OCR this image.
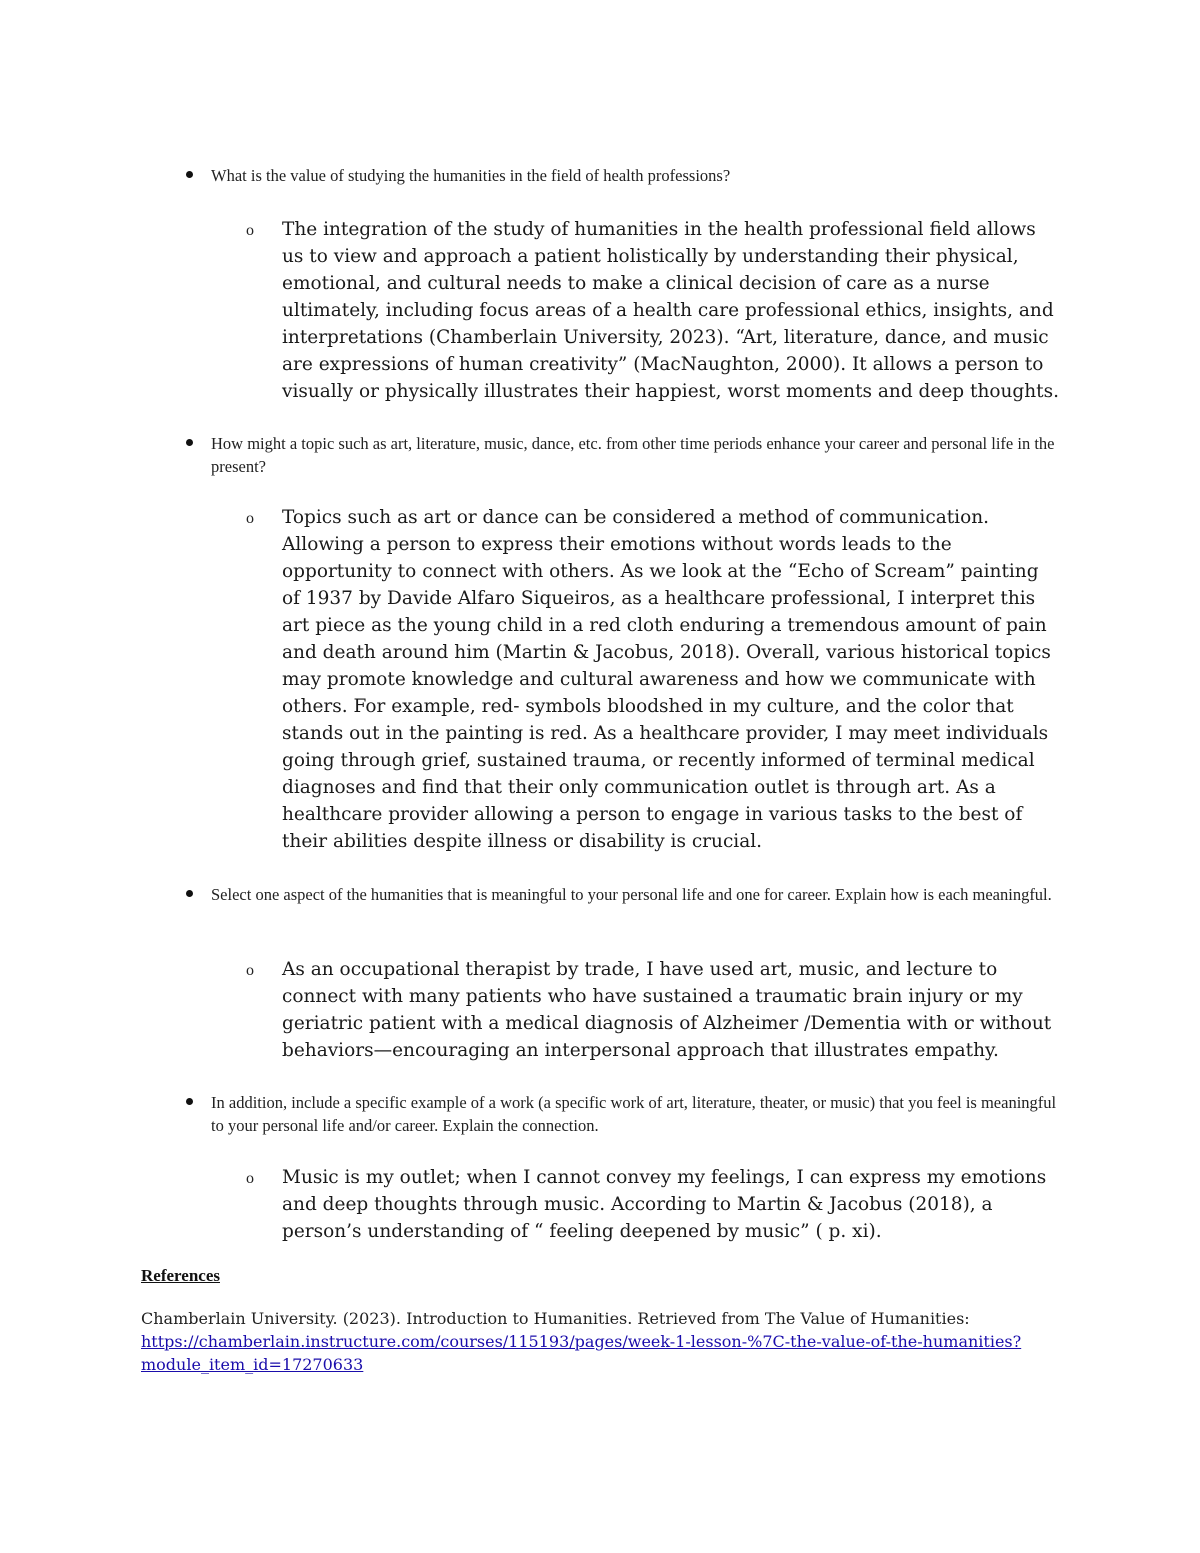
What is the value of studying the humanities in the field of health professions?
o The integration of the study of humanities in the health professional field allows us to view and approach a patient holistically by understanding their physical, emotional, and cultural needs to make a clinical decision of care as a nurse ultimately, including focus areas of a health care professional ethics, insights, and interpretations (Chamberlain University, 2023). “Art, literature, dance, and music are expressions of human creativity” (MacNaughton, 2000). It allows a person to visually or physically illustrates their happiest, worst moments and deep thoughts.
How might a topic such as art, literature, music, dance, etc. from other time periods enhance your career and personal life in the present?
o Topics such as art or dance can be considered a method of communication. Allowing a person to express their emotions without words leads to the opportunity to connect with others. As we look at the “Echo of Scream” painting of 1937 by Davide Alfaro Siqueiros, as a healthcare professional, I interpret this art piece as the young child in a red cloth enduring a tremendous amount of pain and death around him (Martin & Jacobus, 2018). Overall, various historical topics may promote knowledge and cultural awareness and how we communicate with others. For example, red- symbols bloodshed in my culture, and the color that stands out in the painting is red. As a healthcare provider, I may meet individuals going through grief, sustained trauma, or recently informed of terminal medical diagnoses and find that their only communication outlet is through art. As a healthcare provider allowing a person to engage in various tasks to the best of their abilities despite illness or disability is crucial.
Select one aspect of the humanities that is meaningful to your personal life and one for career. Explain how is each meaningful.
o As an occupational therapist by trade, I have used art, music, and lecture to connect with many patients who have sustained a traumatic brain injury or my geriatric patient with a medical diagnosis of Alzheimer /Dementia with or without behaviors—encouraging an interpersonal approach that illustrates empathy.
In addition, include a specific example of a work (a specific work of art, literature, theater, or music) that you feel is meaningful to your personal life and/or career. Explain the connection.
o Music is my outlet; when I cannot convey my feelings, I can express my emotions and deep thoughts through music. According to Martin & Jacobus (2018), a person’s understanding of “ feeling deepened by music” ( p. xi).
References
Chamberlain University. (2023). Introduction to Humanities. Retrieved from The Value of Humanities: https://chamberlain.instructure.com/courses/115193/pages/week-1-lesson-%7C-the-value-of-the-humanities?module_item_id=17270633
